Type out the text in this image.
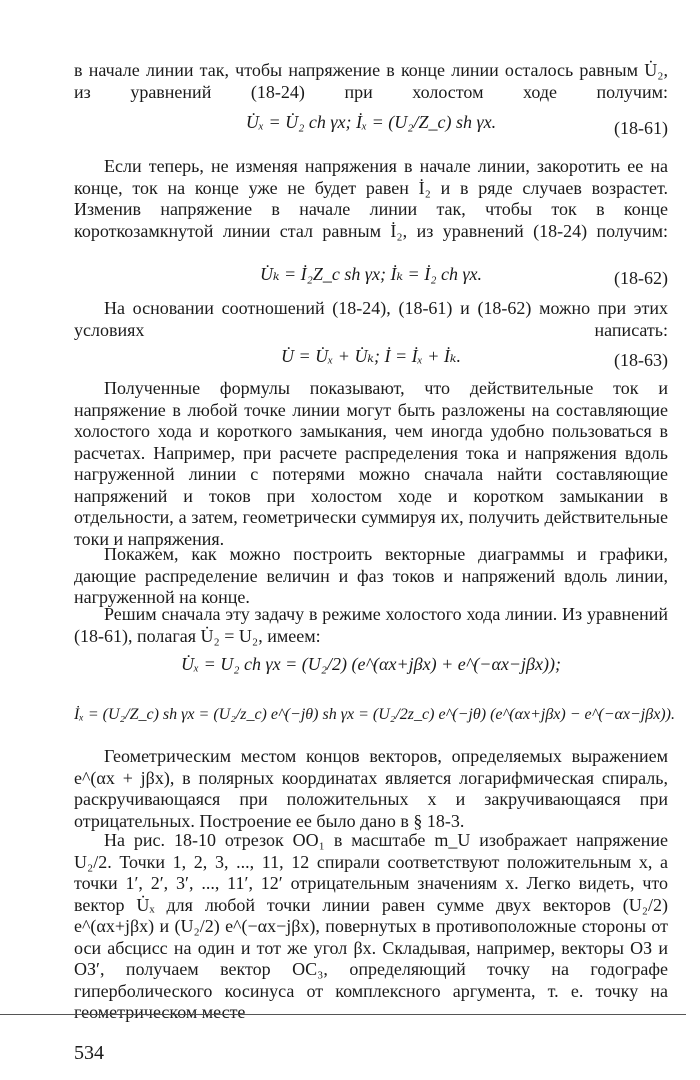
в начале линии так, чтобы напряжение в конце линии осталось равным U̇₂, из уравнений (18-24) при холостом ходе получим:
U̇ₓ = U̇₂ ch γx; İₓ = (U₂/Z_c) sh γx.	(18-61)
Если теперь, не изменяя напряжения в начале линии, закоротить ее на конце, ток на конце уже не будет равен İ₂ и в ряде случаев возрастет. Изменив напряжение в начале линии так, чтобы ток в конце короткозамкнутой линии стал равным İ₂, из уравнений (18-24) получим:
U̇ₖ = İ₂Z_c sh γx; İₖ = İ₂ ch γx.	(18-62)
На основании соотношений (18-24), (18-61) и (18-62) можно при этих условиях написать:
U̇ = U̇ₓ + U̇ₖ; İ = İₓ + İₖ.	(18-63)
Полученные формулы показывают, что действительные ток и напряжение в любой точке линии могут быть разложены на составляющие холостого хода и короткого замыкания, чем иногда удобно пользоваться в расчетах. Например, при расчете распределения тока и напряжения вдоль нагруженной линии с потерями можно сначала найти составляющие напряжений и токов при холостом ходе и коротком замыкании в отдельности, а затем, геометрически суммируя их, получить действительные токи и напряжения.
Покажем, как можно построить векторные диаграммы и графики, дающие распределение величин и фаз токов и напряжений вдоль линии, нагруженной на конце.
Решим сначала эту задачу в режиме холостого хода линии. Из уравнений (18-61), полагая U̇₂ = U₂, имеем:
U̇ₓ = U₂ ch γx = (U₂/2) (e^(αx+jβx) + e^(−αx−jβx));
İₓ = (U₂/Z_c) sh γx = (U₂/z_c) e^(−jθ) sh γx = (U₂/2z_c) e^(−jθ) (e^(αx+jβx) − e^(−αx−jβx)).
Геометрическим местом концов векторов, определяемых выражением e^(αx + jβx), в полярных координатах является логарифмическая спираль, раскручивающаяся при положительных x и закручивающаяся при отрицательных. Построение ее было дано в § 18-3.
На рис. 18-10 отрезок OO₁ в масштабе m_U изображает напряжение U₂/2. Точки 1, 2, 3, ..., 11, 12 спирали соответствуют положительным x, а точки 1′, 2′, 3′, ..., 11′, 12′ отрицательным значениям x. Легко видеть, что вектор U̇ₓ для любой точки линии равен сумме двух векторов (U₂/2) e^(αx+jβx) и (U₂/2) e^(−αx−jβx), повернутых в противоположные стороны от оси абсцисс на один и тот же угол βx. Складывая, например, векторы OЗ и OЗ′, получаем вектор OC₃, определяющий точку на годографе гиперболического косинуса от комплексного аргумента, т. е. точку на геометрическом месте
534
